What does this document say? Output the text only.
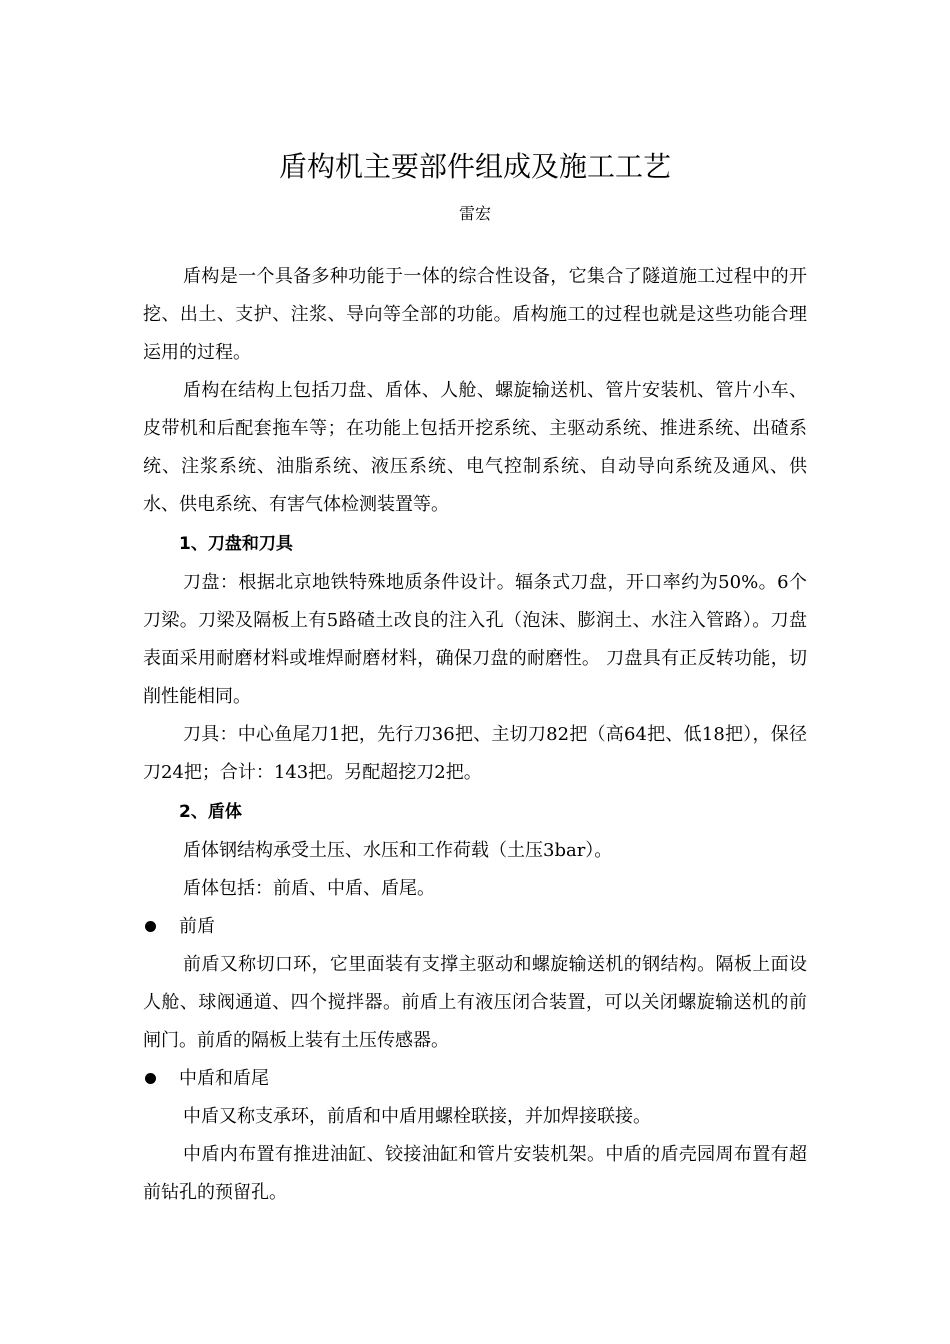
盾构机主要部件组成及施工工艺
雷宏

盾构是一个具备多种功能于一体的综合性设备，它集合了隧道施工过程中的开挖、出土、支护、注浆、导向等全部的功能。盾构施工的过程也就是这些功能合理运用的过程。

盾构在结构上包括刀盘、盾体、人舱、螺旋输送机、管片安装机、管片小车、皮带机和后配套拖车等；在功能上包括开挖系统、主驱动系统、推进系统、出碴系统、注浆系统、油脂系统、液压系统、电气控制系统、自动导向系统及通风、供水、供电系统、有害气体检测装置等。

1、刀盘和刀具

刀盘：根据北京地铁特殊地质条件设计。辐条式刀盘，开口率约为50%。6个刀梁。刀梁及隔板上有5路碴土改良的注入孔（泡沫、膨润土、水注入管路）。刀盘表面采用耐磨材料或堆焊耐磨材料，确保刀盘的耐磨性。 刀盘具有正反转功能，切削性能相同。

刀具：中心鱼尾刀1把，先行刀36把、主切刀82把（高64把、低18把），保径刀24把；合计：143把。另配超挖刀2把。

2、盾体

盾体钢结构承受土压、水压和工作荷载（土压3bar）。

盾体包括：前盾、中盾、盾尾。

前盾

前盾又称切口环，它里面装有支撑主驱动和螺旋输送机的钢结构。隔板上面设人舱、球阀通道、四个搅拌器。前盾上有液压闭合装置，可以关闭螺旋输送机的前闸门。前盾的隔板上装有土压传感器。

中盾和盾尾

中盾又称支承环，前盾和中盾用螺栓联接，并加焊接联接。

中盾内布置有推进油缸、铰接油缸和管片安装机架。中盾的盾壳园周布置有超前钻孔的预留孔。
